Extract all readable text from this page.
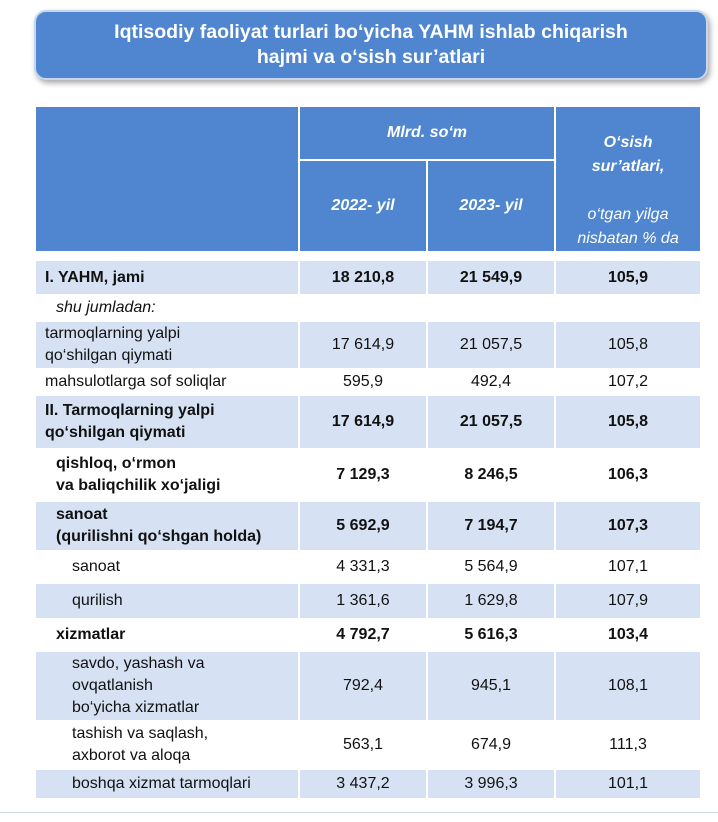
Iqtisodiy faoliyat turlari bo‘yicha YAHM ishlab chiqarish
hajmi va o‘sish sur’atlari
	Mlrd. so‘m		O‘sish
sur’atlari,

o‘tgan yilga
nisbatan % da

	2022- yil	2023- yil	

I. YAHM, jami	18 210,8	21 549,9	105,9
shu jumladan:			
tarmoqlarning yalpi
qo‘shilgan qiymati	17 614,9	21 057,5	105,8
mahsulotlarga sof soliqlar	595,9	492,4	107,2
II. Tarmoqlarning yalpi
qo‘shilgan qiymati	17 614,9	21 057,5	105,8
qishloq, o‘rmon
va baliqchilik xo‘jaligi	7 129,3	8 246,5	106,3
sanoat
(qurilishni qo‘shgan holda)	5 692,9	7 194,7	107,3
sanoat	4 331,3	5 564,9	107,1
qurilish	1 361,6	1 629,8	107,9
xizmatlar	4 792,7	5 616,3	103,4
savdo, yashash va
ovqatlanish
bo‘yicha xizmatlar	792,4	945,1	108,1
tashish va saqlash,
axborot va aloqa	563,1	674,9	111,3
boshqa xizmat tarmoqlari	3 437,2	3 996,3	101,1
